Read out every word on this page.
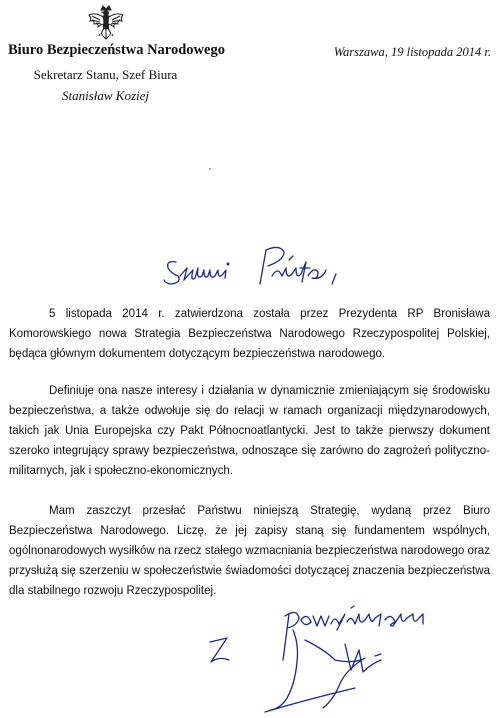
Biuro Bezpieczeństwa Narodowego	Warszawa, 19 listopada 2014 r.
Sekretarz Stanu, Szef Biura
Stanisław Koziej

5 listopada 2014 r. zatwierdzona została przez Prezydenta RP Bronisława Komorowskiego nowa Strategia Bezpieczeństwa Narodowego Rzeczypospolitej Polskiej, będąca głównym dokumentem dotyczącym bezpieczeństwa narodowego.

Definiuje ona nasze interesy i działania w dynamicznie zmieniającym się środowisku bezpieczeństwa, a także odwołuje się do relacji w ramach organizacji międzynarodowych, takich jak Unia Europejska czy Pakt Północnoatlantycki. Jest to także pierwszy dokument szeroko integrujący sprawy bezpieczeństwa, odnoszące się zarówno do zagrożeń polityczno-militarnych, jak i społeczno-ekonomicznych.

Mam zaszczyt przesłać Państwu niniejszą Strategię, wydaną przez Biuro Bezpieczeństwa Narodowego. Liczę, że jej zapisy staną się fundamentem wspólnych, ogólnonarodowych wysiłków na rzecz stałego wzmacniania bezpieczeństwa narodowego oraz przysłużą się szerzeniu w społeczeństwie świadomości dotyczącej znaczenia bezpieczeństwa dla stabilnego rozwoju Rzeczypospolitej.
